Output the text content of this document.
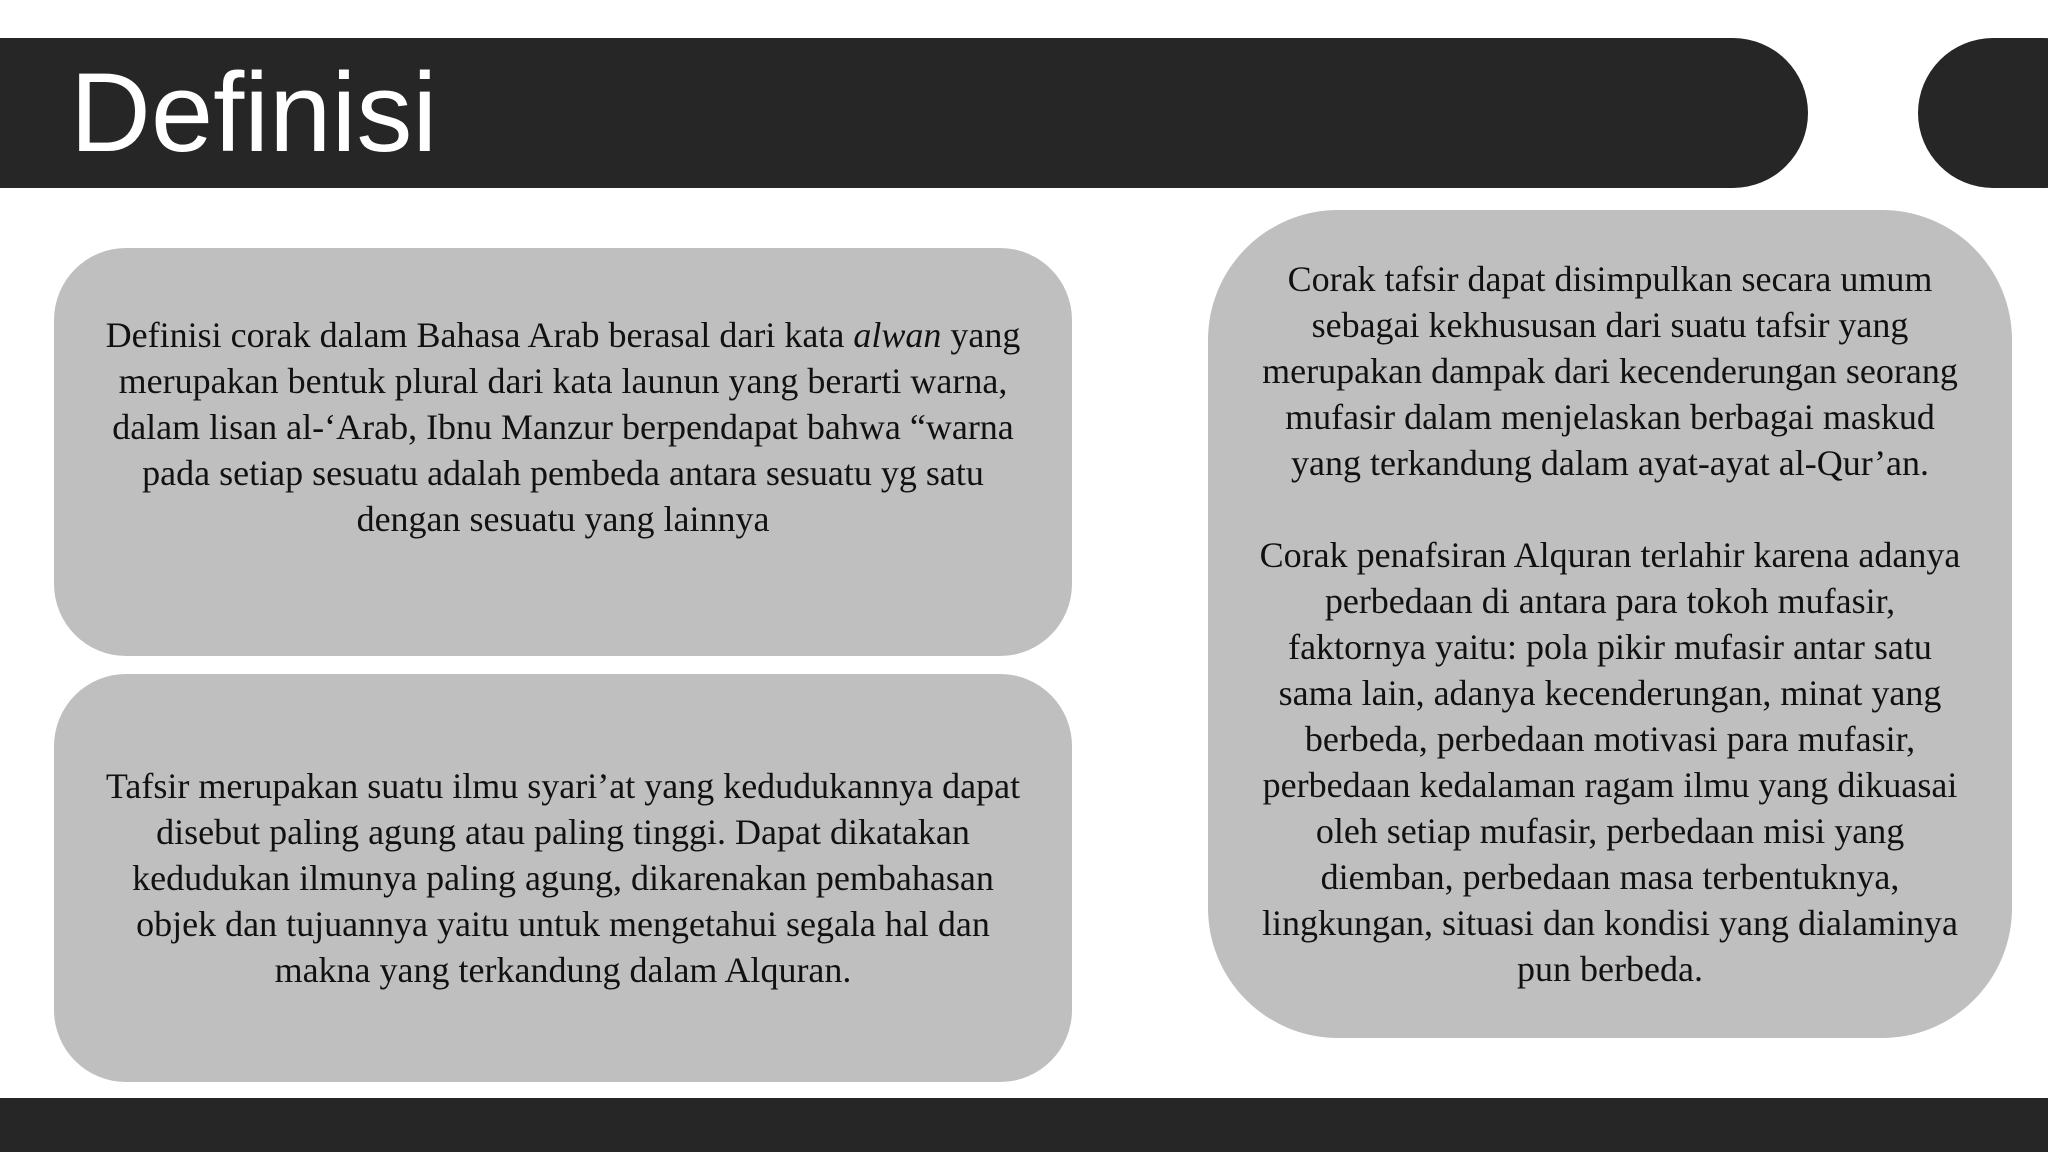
Definisi

Definisi corak dalam Bahasa Arab berasal dari kata alwan yang merupakan bentuk plural dari kata launun yang berarti warna, dalam lisan al-‘Arab, Ibnu Manzur berpendapat bahwa “warna pada setiap sesuatu adalah pembeda antara sesuatu yg satu dengan sesuatu yang lainnya

Tafsir merupakan suatu ilmu syari’at yang kedudukannya dapat disebut paling agung atau paling tinggi. Dapat dikatakan kedudukan ilmunya paling agung, dikarenakan pembahasan objek dan tujuannya yaitu untuk mengetahui segala hal dan makna yang terkandung dalam Alquran.

Corak tafsir dapat disimpulkan secara umum sebagai kekhususan dari suatu tafsir yang merupakan dampak dari kecenderungan seorang mufasir dalam menjelaskan berbagai maskud yang terkandung dalam ayat-ayat al-Qur’an.

Corak penafsiran Alquran terlahir karena adanya perbedaan di antara para tokoh mufasir, faktornya yaitu: pola pikir mufasir antar satu sama lain, adanya kecenderungan, minat yang berbeda, perbedaan motivasi para mufasir, perbedaan kedalaman ragam ilmu yang dikuasai oleh setiap mufasir, perbedaan misi yang diemban, perbedaan masa terbentuknya, lingkungan, situasi dan kondisi yang dialaminya pun berbeda.
